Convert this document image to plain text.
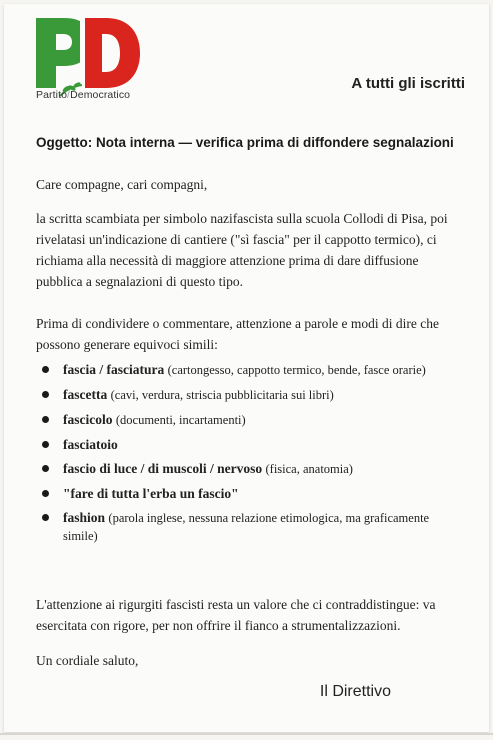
Partito/Democratico
A tutti gli iscritti
Oggetto: Nota interna — verifica prima di diffondere segnalazioni
Care compagne, cari compagni,
la scritta scambiata per simbolo nazifascista sulla scuola Collodi di Pisa, poi rivelatasi un'indicazione di cantiere ("sì fascia" per il cappotto termico), ci richiama alla necessità di maggiore attenzione prima di dare diffusione pubblica a segnalazioni di questo tipo.
Prima di condividere o commentare, attenzione a parole e modi di dire che possono generare equivoci simili:
fascia / fasciatura (cartongesso, cappotto termico, bende, fasce orarie)
fascetta (cavi, verdura, striscia pubblicitaria sui libri)
fascicolo (documenti, incartamenti)
fasciatoio
fascio di luce / di muscoli / nervoso (fisica, anatomia)
"fare di tutta l'erba un fascio"
fashion (parola inglese, nessuna relazione etimologica, ma graficamente simile)
L'attenzione ai rigurgiti fascisti resta un valore che ci contraddistingue: va esercitata con rigore, per non offrire il fianco a strumentalizzazioni.
Un cordiale saluto,
Il Direttivo
